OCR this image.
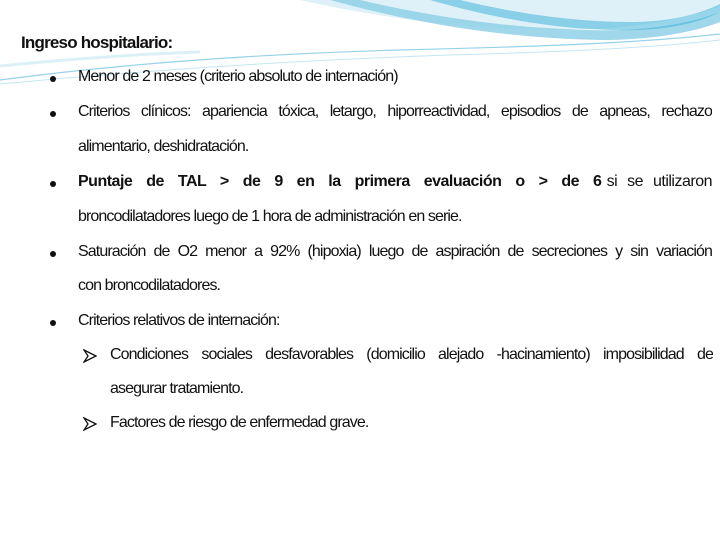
Ingreso hospitalario:
Menor de 2 meses (criterio absoluto de internación)
Criterios clínicos: apariencia tóxica, letargo, hiporreactividad, episodios de apneas, rechazo
alimentario, deshidratación.
Puntaje de TAL > de 9 en la primera evaluación o > de 6 si se utilizaron
broncodilatadores luego de 1 hora de administración en serie.
Saturación de O2 menor a 92% (hipoxia) luego de aspiración de secreciones y sin variación
con broncodilatadores.
Criterios relativos de internación:
Condiciones sociales desfavorables (domicilio alejado -hacinamiento) imposibilidad de
asegurar tratamiento.
Factores de riesgo de enfermedad grave.
